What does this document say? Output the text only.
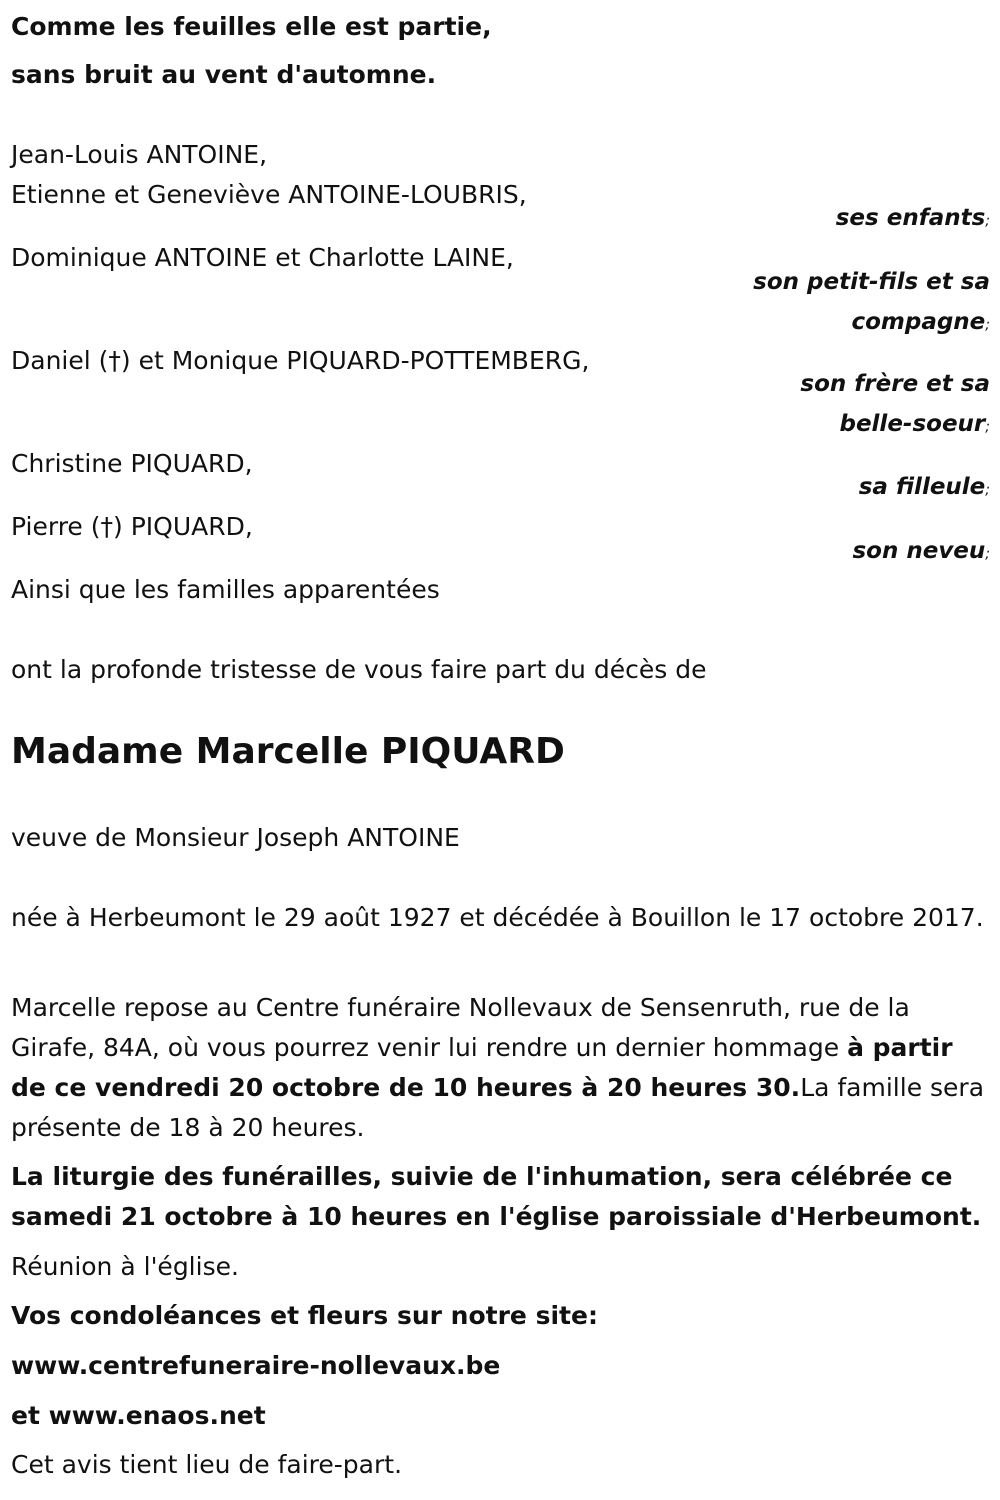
Comme les feuilles elle est partie,

sans bruit au vent d'automne.

Jean-Louis ANTOINE,

Etienne et Geneviève ANTOINE-LOUBRIS,

ses enfants;

Dominique ANTOINE et Charlotte LAINE,

son petit-fils et sa

compagne;

Daniel (†) et Monique PIQUARD-POTTEMBERG,

son frère et sa

belle-soeur;

Christine PIQUARD,

sa filleule;

Pierre (†) PIQUARD,

son neveu;

Ainsi que les familles apparentées

ont la profonde tristesse de vous faire part du décès de

Madame Marcelle PIQUARD

veuve de Monsieur Joseph ANTOINE

née à Herbeumont le 29 août 1927 et décédée à Bouillon le 17 octobre 2017.

Marcelle repose au Centre funéraire Nollevaux de Sensenruth, rue de la Girafe, 84A, où vous pourrez venir lui rendre un dernier hommage à partir de ce vendredi 20 octobre de 10 heures à 20 heures 30.La famille sera présente de 18 à 20 heures.

La liturgie des funérailles, suivie de l'inhumation, sera célébrée ce samedi 21 octobre à 10 heures en l'église paroissiale d'Herbeumont.

Réunion à l'église.

Vos condoléances et fleurs sur notre site:

www.centrefuneraire-nollevaux.be

et www.enaos.net

Cet avis tient lieu de faire-part.
